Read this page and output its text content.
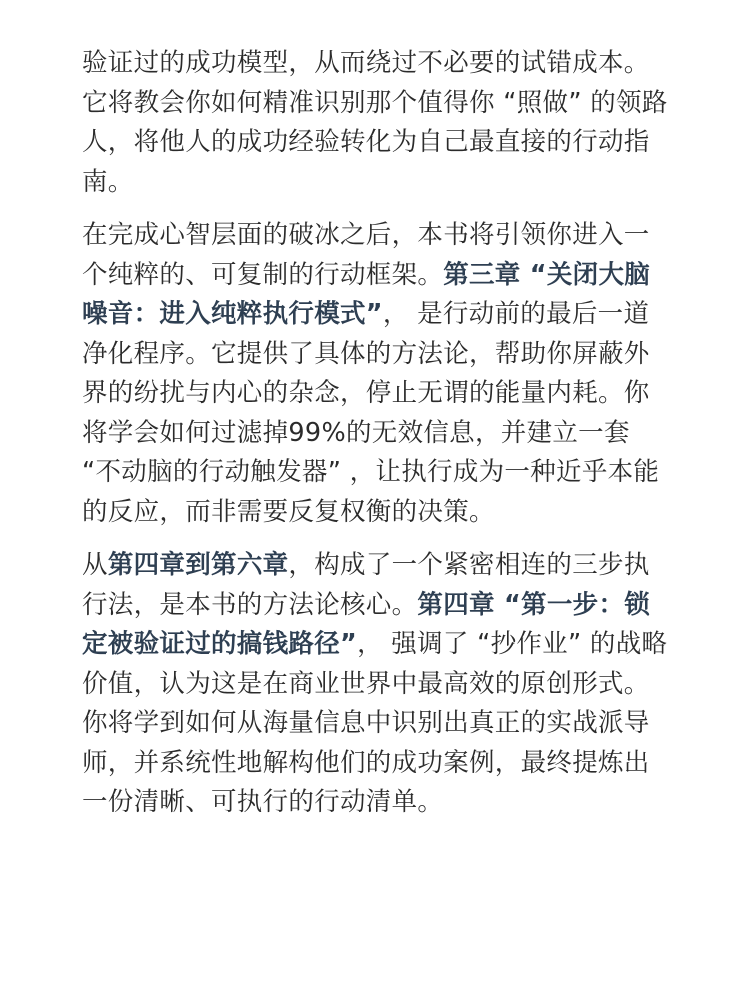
验证过的成功模型，从而绕过不必要的试错成本。它将教会你如何精准识别那个值得你 “照做” 的领路人，将他人的成功经验转化为自己最直接的行动指南。

在完成心智层面的破冰之后，本书将引领你进入一个纯粹的、可复制的行动框架。第三章 “关闭大脑噪音：进入纯粹执行模式”， 是行动前的最后一道净化程序。它提供了具体的方法论，帮助你屏蔽外界的纷扰与内心的杂念，停止无谓的能量内耗。你将学会如何过滤掉99%的无效信息，并建立一套 “不动脑的行动触发器” ，让执行成为一种近乎本能的反应，而非需要反复权衡的决策。

从第四章到第六章，构成了一个紧密相连的三步执行法，是本书的方法论核心。第四章 “第一步：锁定被验证过的搞钱路径”， 强调了 “抄作业” 的战略价值，认为这是在商业世界中最高效的原创形式。你将学到如何从海量信息中识别出真正的实战派导师，并系统性地解构他们的成功案例，最终提炼出一份清晰、可执行的行动清单。
